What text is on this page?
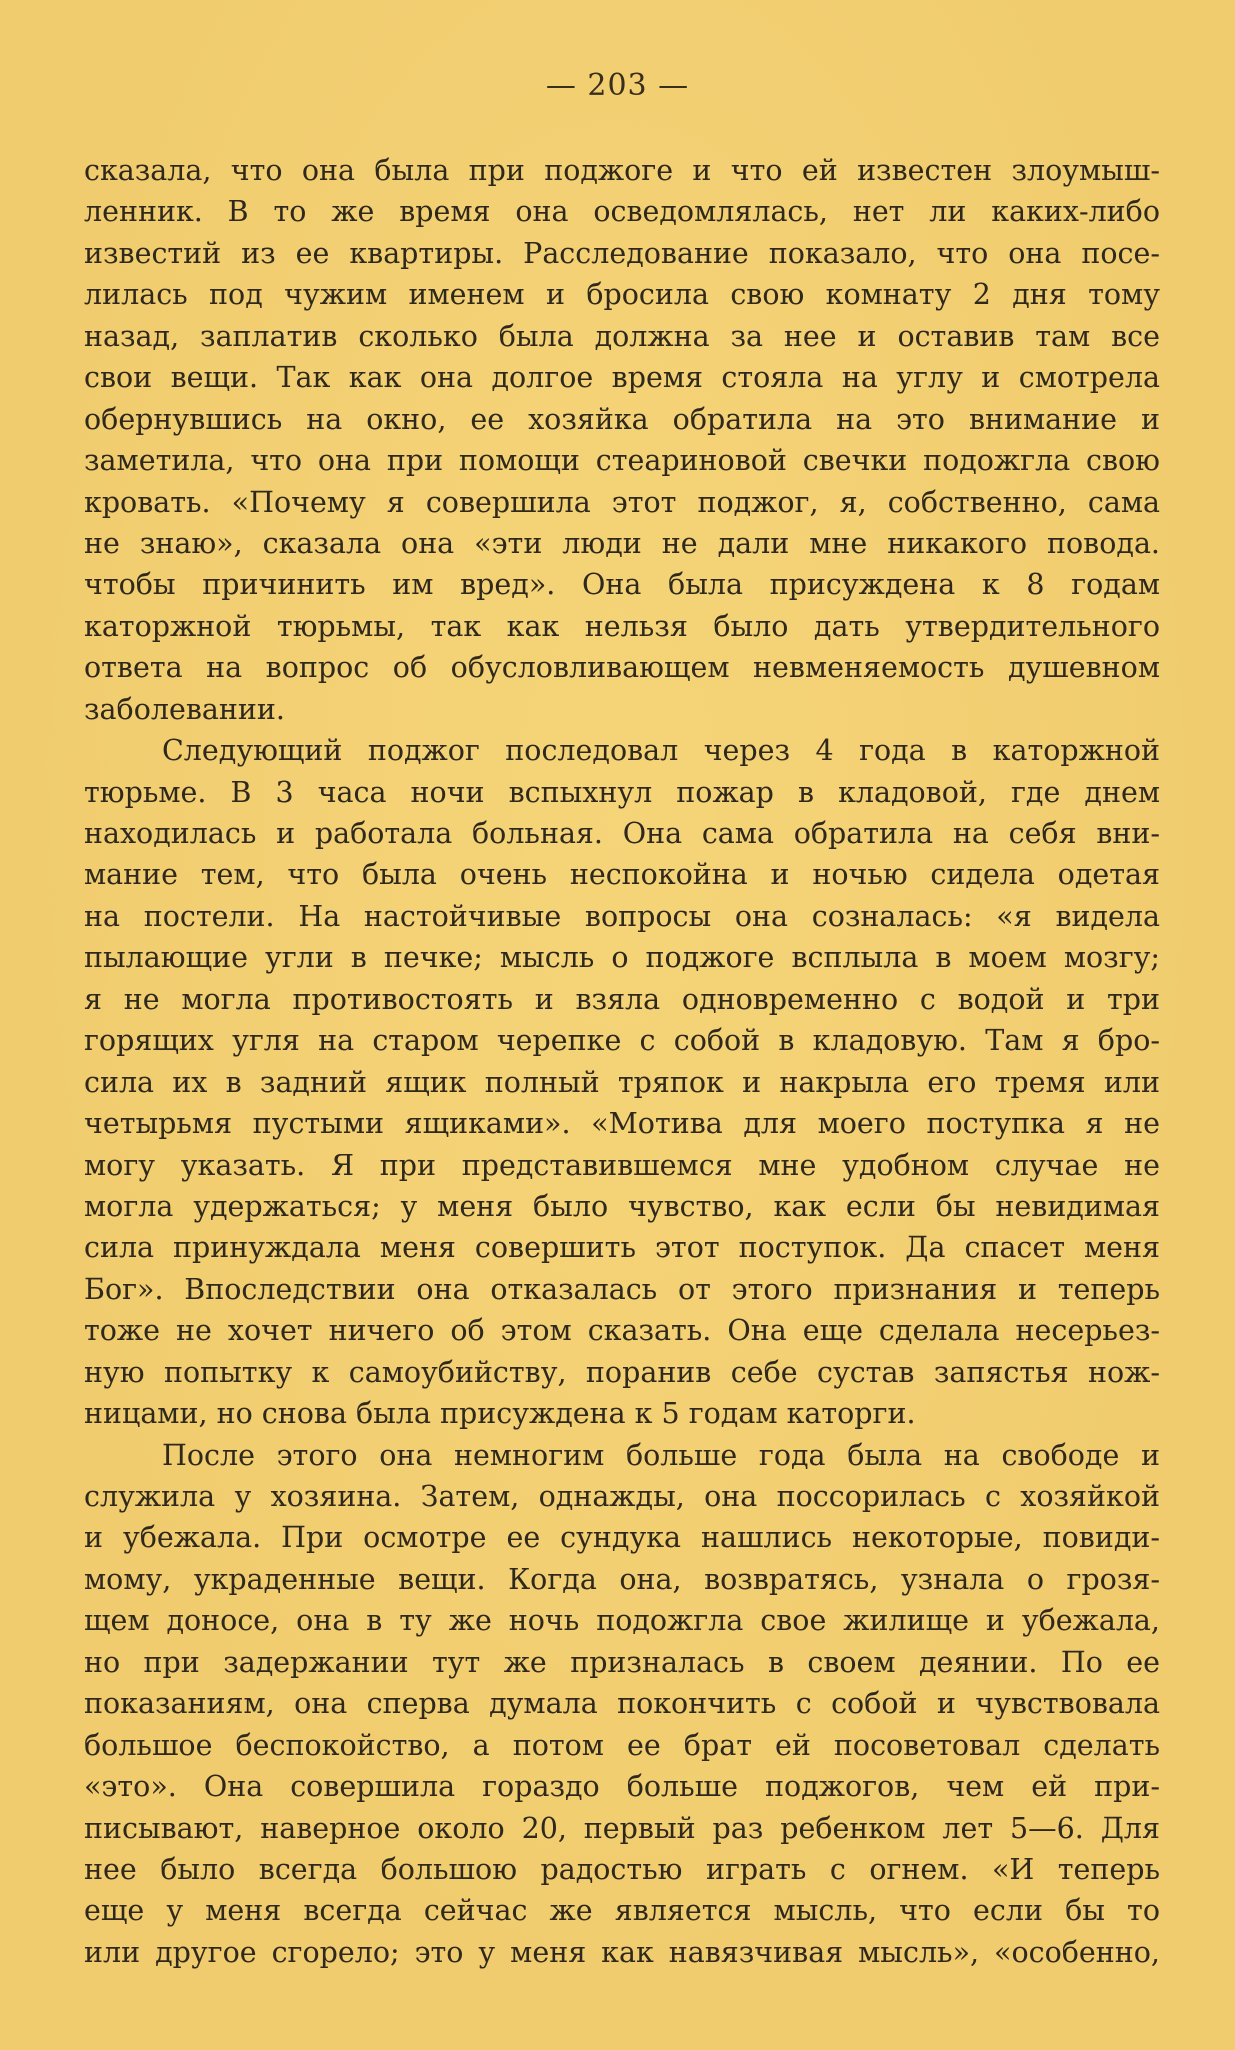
— 203 —
сказала, что она была при поджоге и что ей известен злоумыш-
ленник. В то же время она осведомлялась, нет ли каких-либо
известий из ее квартиры. Расследование показало, что она посе-
лилась под чужим именем и бросила свою комнату 2 дня тому
назад, заплатив сколько была должна за нее и оставив там все
свои вещи. Так как она долгое время стояла на углу и смотрела
обернувшись на окно, ее хозяйка обратила на это внимание и
заметила, что она при помощи стеариновой свечки подожгла свою
кровать. «Почему я совершила этот поджог, я, собственно, сама
не знаю», сказала она «эти люди не дали мне никакого повода.
чтобы причинить им вред». Она была присуждена к 8 годам
каторжной тюрьмы, так как нельзя было дать утвердительного
ответа на вопрос об обусловливающем невменяемость душевном
заболевании.
Следующий поджог последовал через 4 года в каторжной
тюрьме. В 3 часа ночи вспыхнул пожар в кладовой, где днем
находилась и работала больная. Она сама обратила на себя вни-
мание тем, что была очень неспокойна и ночью сидела одетая
на постели. На настойчивые вопросы она созналась: «я видела
пылающие угли в печке; мысль о поджоге всплыла в моем мозгу;
я не могла противостоять и взяла одновременно с водой и три
горящих угля на старом черепке с собой в кладовую. Там я бро-
сила их в задний ящик полный тряпок и накрыла его тремя или
четырьмя пустыми ящиками». «Мотива для моего поступка я не
могу указать. Я при представившемся мне удобном случае не
могла удержаться; у меня было чувство, как если бы невидимая
сила принуждала меня совершить этот поступок. Да спасет меня
Бог». Впоследствии она отказалась от этого признания и теперь
тоже не хочет ничего об этом сказать. Она еще сделала несерьез-
ную попытку к самоубийству, поранив себе сустав запястья нож-
ницами, но снова была присуждена к 5 годам каторги.
После этого она немногим больше года была на свободе и
служила у хозяина. Затем, однажды, она поссорилась с хозяйкой
и убежала. При осмотре ее сундука нашлись некоторые, повиди-
мому, украденные вещи. Когда она, возвратясь, узнала о грозя-
щем доносе, она в ту же ночь подожгла свое жилище и убежала,
но при задержании тут же призналась в своем деянии. По ее
показаниям, она сперва думала покончить с собой и чувствовала
большое беспокойство, а потом ее брат ей посоветовал сделать
«это». Она совершила гораздо больше поджогов, чем ей при-
писывают, наверное около 20, первый раз ребенком лет 5—6. Для
нее было всегда большою радостью играть с огнем. «И теперь
еще у меня всегда сейчас же является мысль, что если бы то
или другое сгорело; это у меня как навязчивая мысль», «особенно,
